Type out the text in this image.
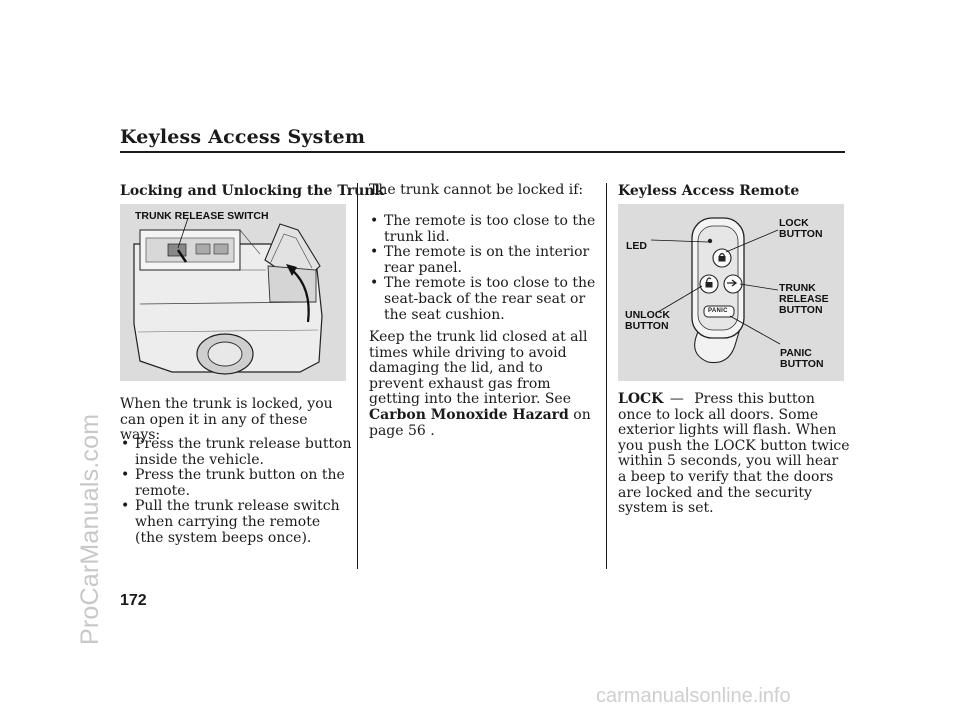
ProCarManuals.com
carmanualsonline.info
Keyless Access System
Locking and Unlocking the Trunk
TRUNK RELEASE SWITCH
When the trunk is locked, you can open it in any of these ways:
• Press the trunk release button inside the vehicle.
• Press the trunk button on the remote.
• Pull the trunk release switch when carrying the remote (the system beeps once).
The trunk cannot be locked if:
• The remote is too close to the trunk lid.
• The remote is on the interior rear panel.
• The remote is too close to the seat-back of the rear seat or the seat cushion.
Keep the trunk lid closed at all times while driving to avoid damaging the lid, and to prevent exhaust gas from getting into the interior. See Carbon Monoxide Hazard on page 56 .
Keyless Access Remote
LED
LOCK
BUTTON
TRUNK
RELEASE
BUTTON
UNLOCK
BUTTON
PANIC
BUTTON
PANIC
LOCK — Press this button once to lock all doors. Some exterior lights will flash. When you push the LOCK button twice within 5 seconds, you will hear a beep to verify that the doors are locked and the security system is set.
172
